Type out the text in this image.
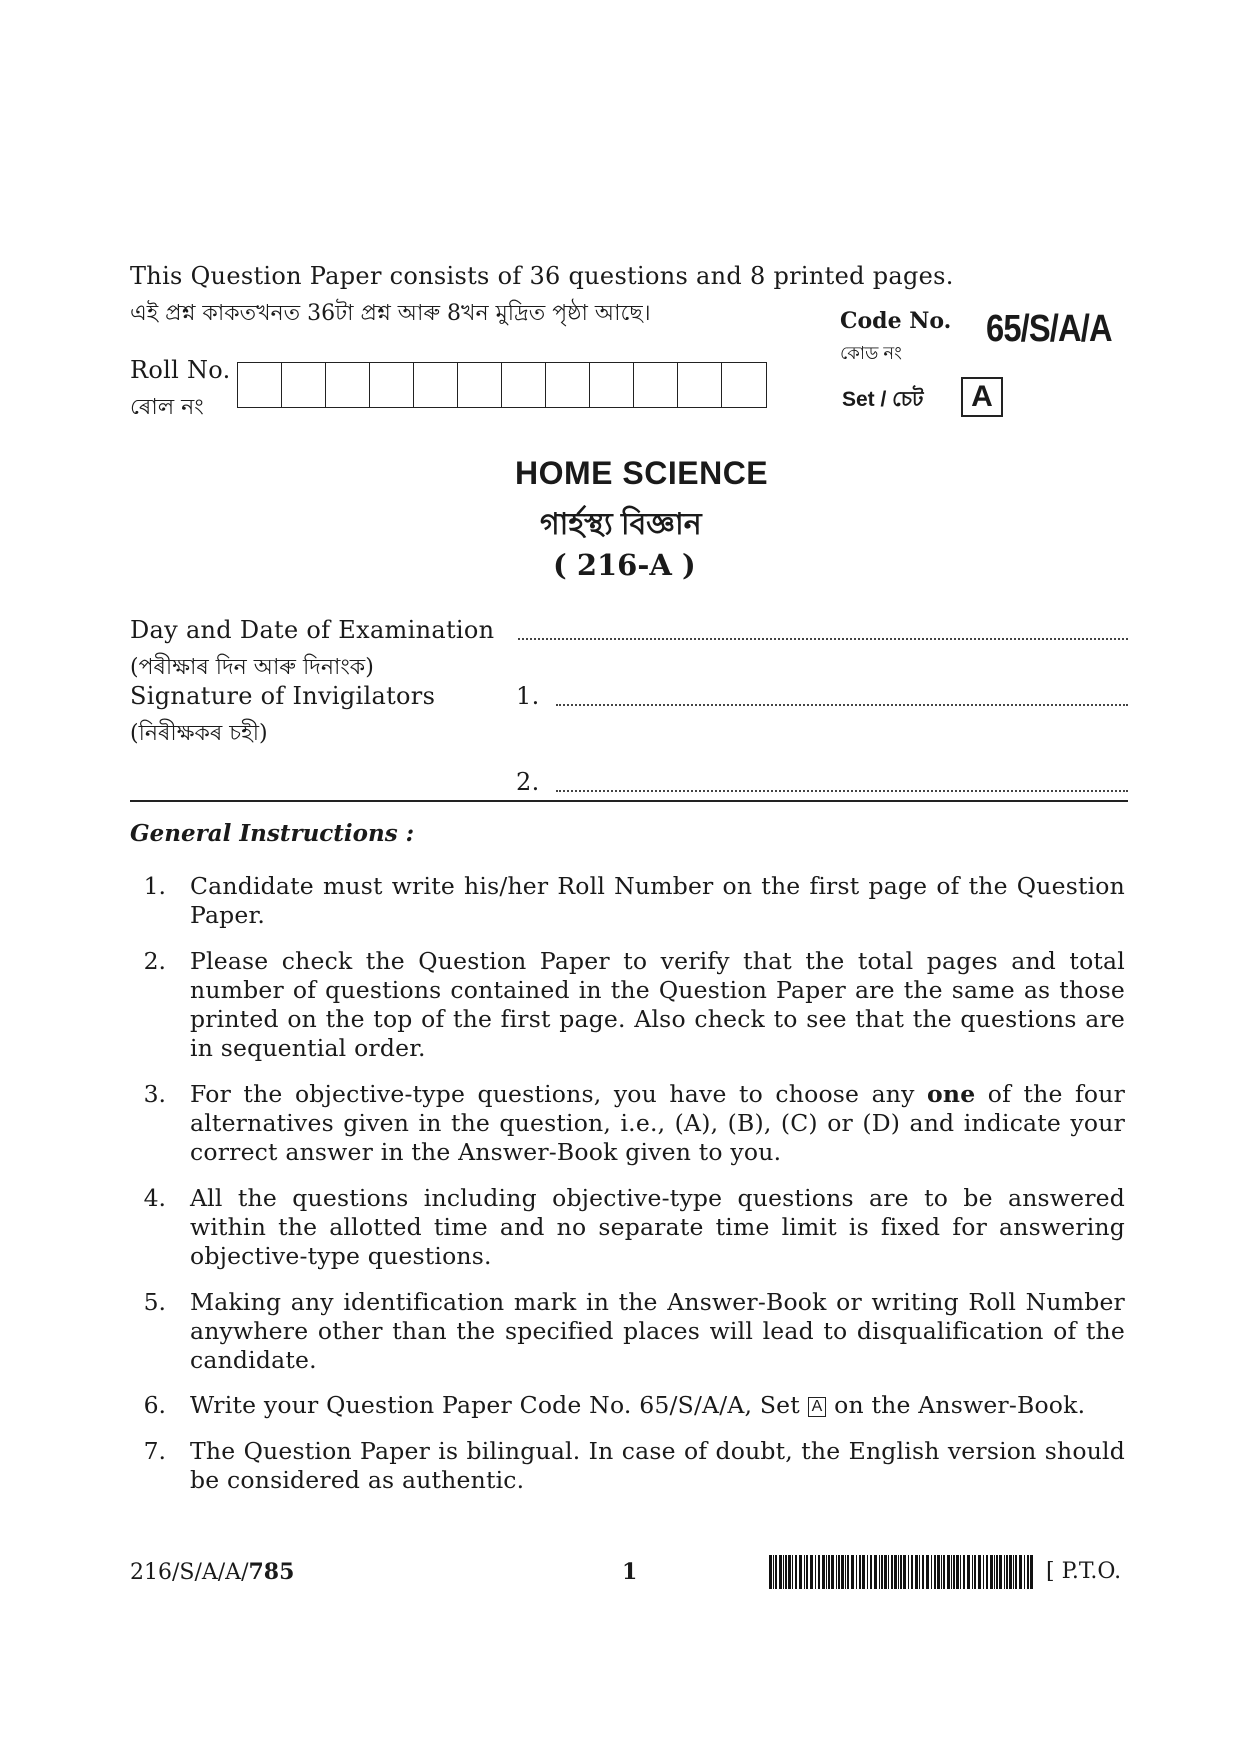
This Question Paper consists of 36 questions and 8 printed pages.
এই প্ৰশ্ন কাকতখনত 36টা প্ৰশ্ন আৰু 8খন মুদ্ৰিত পৃষ্ঠা আছে।	Code No.
কোড নং
65/S/A/A
Set / চেট A
Roll No.
ৰোল নং
HOME SCIENCE
গাৰ্হস্থ্য বিজ্ঞান
( 216-A )
Day and Date of Examination
(পৰীক্ষাৰ দিন আৰু দিনাংক)
Signature of Invigilators
(নিৰীক্ষকৰ চহী)
1.
2.
General Instructions :
1. Candidate must write his/her Roll Number on the first page of the Question Paper.
2. Please check the Question Paper to verify that the total pages and total number of questions contained in the Question Paper are the same as those printed on the top of the first page. Also check to see that the questions are in sequential order.
3. For the objective-type questions, you have to choose any one of the four alternatives given in the question, i.e., (A), (B), (C) or (D) and indicate your correct answer in the Answer-Book given to you.
4. All the questions including objective-type questions are to be answered within the allotted time and no separate time limit is fixed for answering objective-type questions.
5. Making any identification mark in the Answer-Book or writing Roll Number anywhere other than the specified places will lead to disqualification of the candidate.
6. Write your Question Paper Code No. 65/S/A/A, Set A on the Answer-Book.
7. The Question Paper is bilingual. In case of doubt, the English version should be considered as authentic.
216/S/A/A/785	1	[ P.T.O.
